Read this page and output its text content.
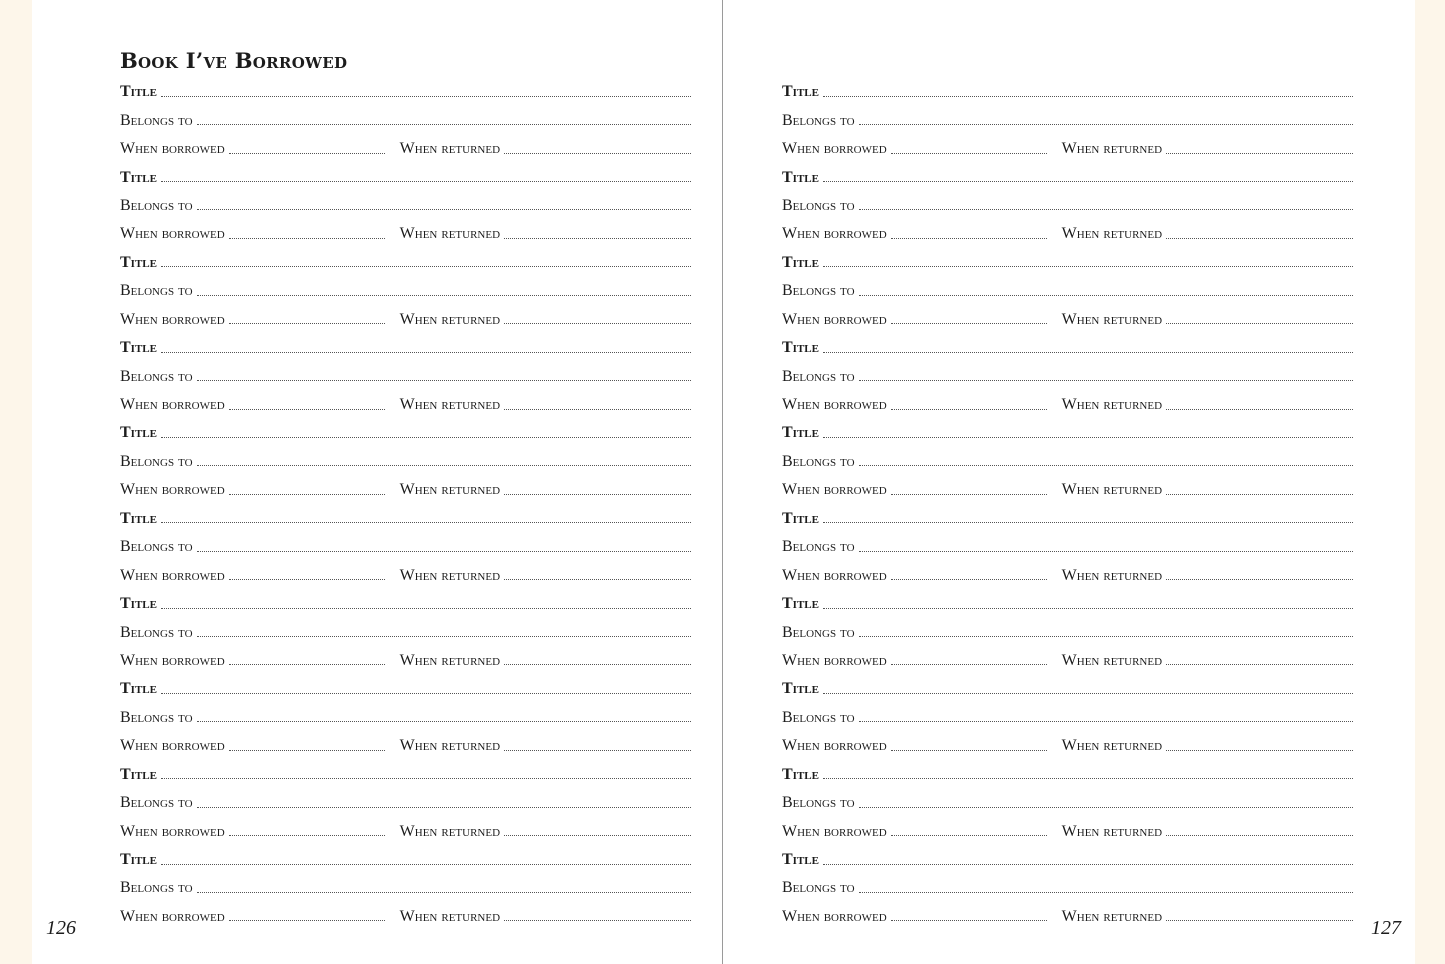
Book I’ve Borrowed
Title
Belongs to
When borrowed	When returned
Title
Belongs to
When borrowed	When returned
Title
Belongs to
When borrowed	When returned
Title
Belongs to
When borrowed	When returned
Title
Belongs to
When borrowed	When returned
Title
Belongs to
When borrowed	When returned
Title
Belongs to
When borrowed	When returned
Title
Belongs to
When borrowed	When returned
Title
Belongs to
When borrowed	When returned
Title
Belongs to
When borrowed	When returned
126
Title
Belongs to
When borrowed	When returned
Title
Belongs to
When borrowed	When returned
Title
Belongs to
When borrowed	When returned
Title
Belongs to
When borrowed	When returned
Title
Belongs to
When borrowed	When returned
Title
Belongs to
When borrowed	When returned
Title
Belongs to
When borrowed	When returned
Title
Belongs to
When borrowed	When returned
Title
Belongs to
When borrowed	When returned
Title
Belongs to
When borrowed	When returned
127
